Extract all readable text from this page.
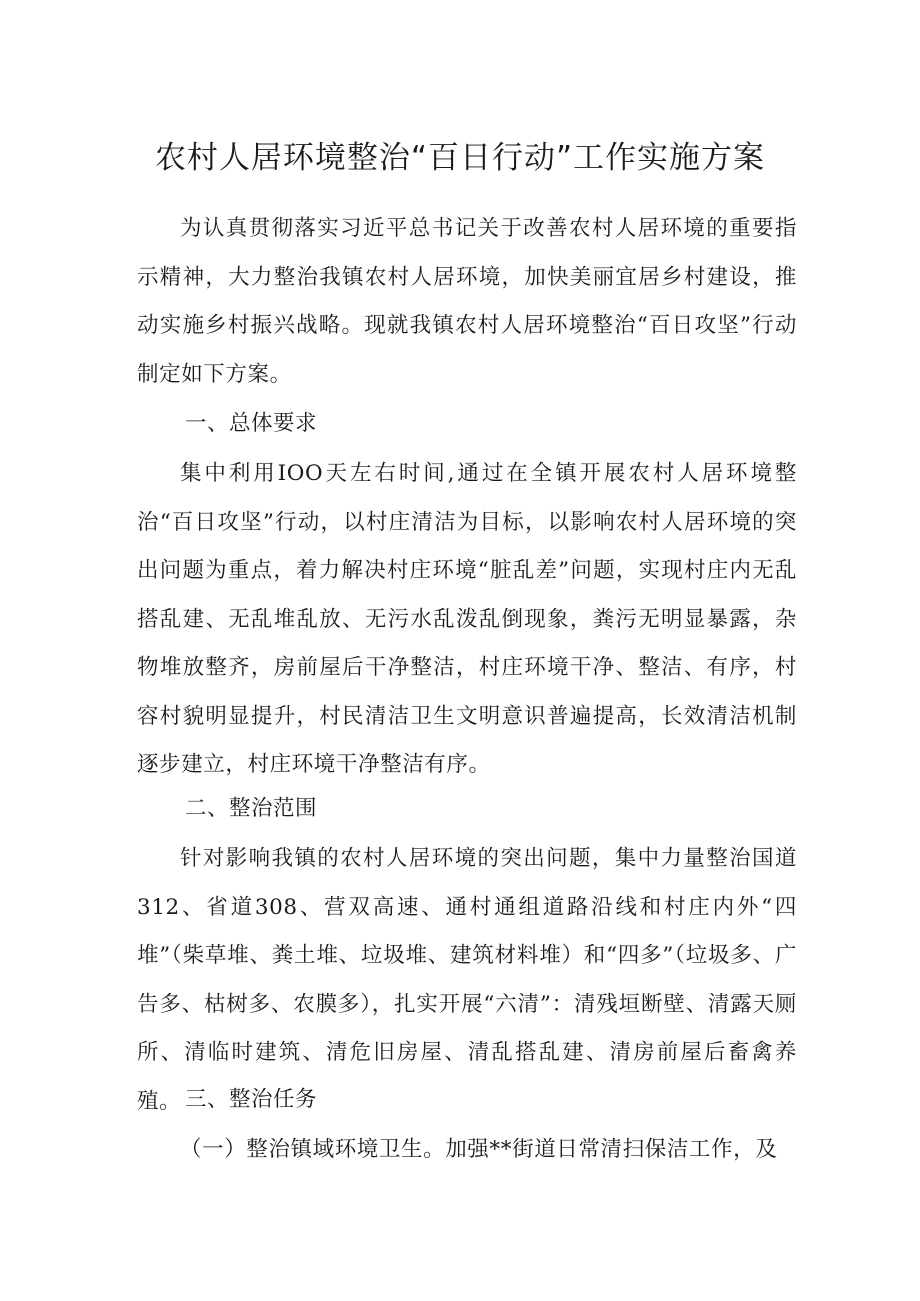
农村人居环境整治“百日行动”工作实施方案

为认真贯彻落实习近平总书记关于改善农村人居环境的重要指示精神，大力整治我镇农村人居环境，加快美丽宜居乡村建设，推动实施乡村振兴战略。现就我镇农村人居环境整治“百日攻坚”行动制定如下方案。

一、总体要求

集中利用IOO天左右时间,通过在全镇开展农村人居环境整治“百日攻坚”行动，以村庄清洁为目标，以影响农村人居环境的突出问题为重点，着力解决村庄环境“脏乱差”问题，实现村庄内无乱搭乱建、无乱堆乱放、无污水乱泼乱倒现象，粪污无明显暴露，杂物堆放整齐，房前屋后干净整洁，村庄环境干净、整洁、有序，村容村貌明显提升，村民清洁卫生文明意识普遍提高，长效清洁机制逐步建立，村庄环境干净整洁有序。

二、整治范围

针对影响我镇的农村人居环境的突出问题，集中力量整治国道312、省道308、营双高速、通村通组道路沿线和村庄内外“四堆”（柴草堆、粪土堆、垃圾堆、建筑材料堆）和“四多”（垃圾多、广告多、枯树多、农膜多），扎实开展“六清”：清残垣断壁、清露天厕所、清临时建筑、清危旧房屋、清乱搭乱建、清房前屋后畜禽养殖。 三、整治任务

（一）整治镇域环境卫生。加强**街道日常清扫保洁工作，及
